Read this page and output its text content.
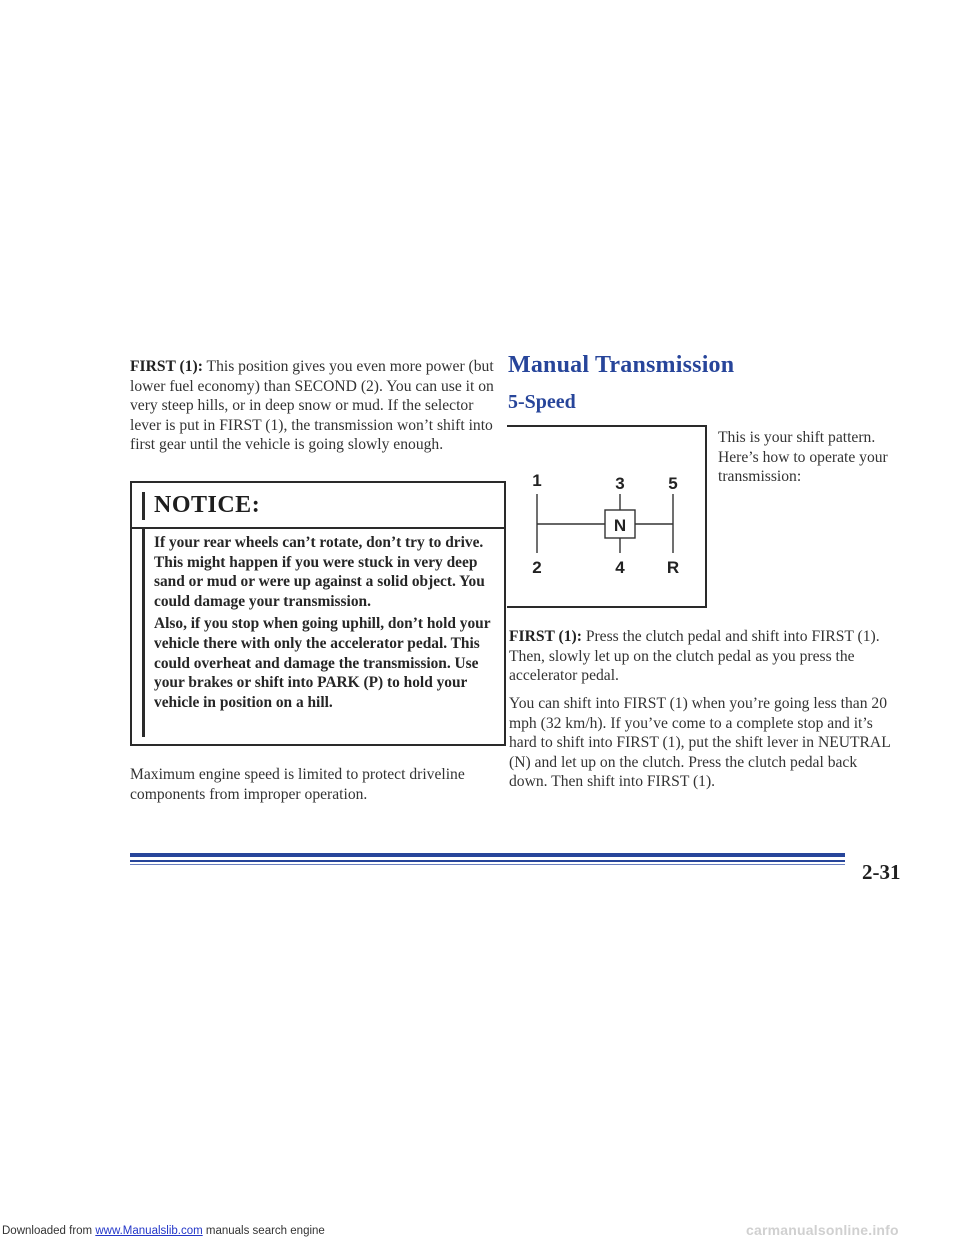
FIRST (1): This position gives you even more power (but lower fuel economy) than SECOND (2). You can use it on very steep hills, or in deep snow or mud. If the selector lever is put in FIRST (1), the transmission won’t shift into first gear until the vehicle is going slowly enough.

NOTICE:

If your rear wheels can’t rotate, don’t try to drive. This might happen if you were stuck in very deep sand or mud or were up against a solid object. You could damage your transmission.

Also, if you stop when going uphill, don’t hold your vehicle there with only the accelerator pedal. This could overheat and damage the transmission. Use your brakes or shift into PARK (P) to hold your vehicle in position on a hill.

Maximum engine speed is limited to protect driveline components from improper operation.

Manual Transmission
5-Speed
1	3	5
2	4 R
N

This is your shift pattern. Here’s how to operate your transmission:

FIRST (1): Press the clutch pedal and shift into FIRST (1). Then, slowly let up on the clutch pedal as you press the accelerator pedal.

You can shift into FIRST (1) when you’re going less than 20 mph (32 km/h). If you’ve come to a complete stop and it’s hard to shift into FIRST (1), put the shift lever in NEUTRAL (N) and let up on the clutch. Press the clutch pedal back down. Then shift into FIRST (1).

2-31
Downloaded from www.Manualslib.com manuals search engine	carmanualsonline.info
